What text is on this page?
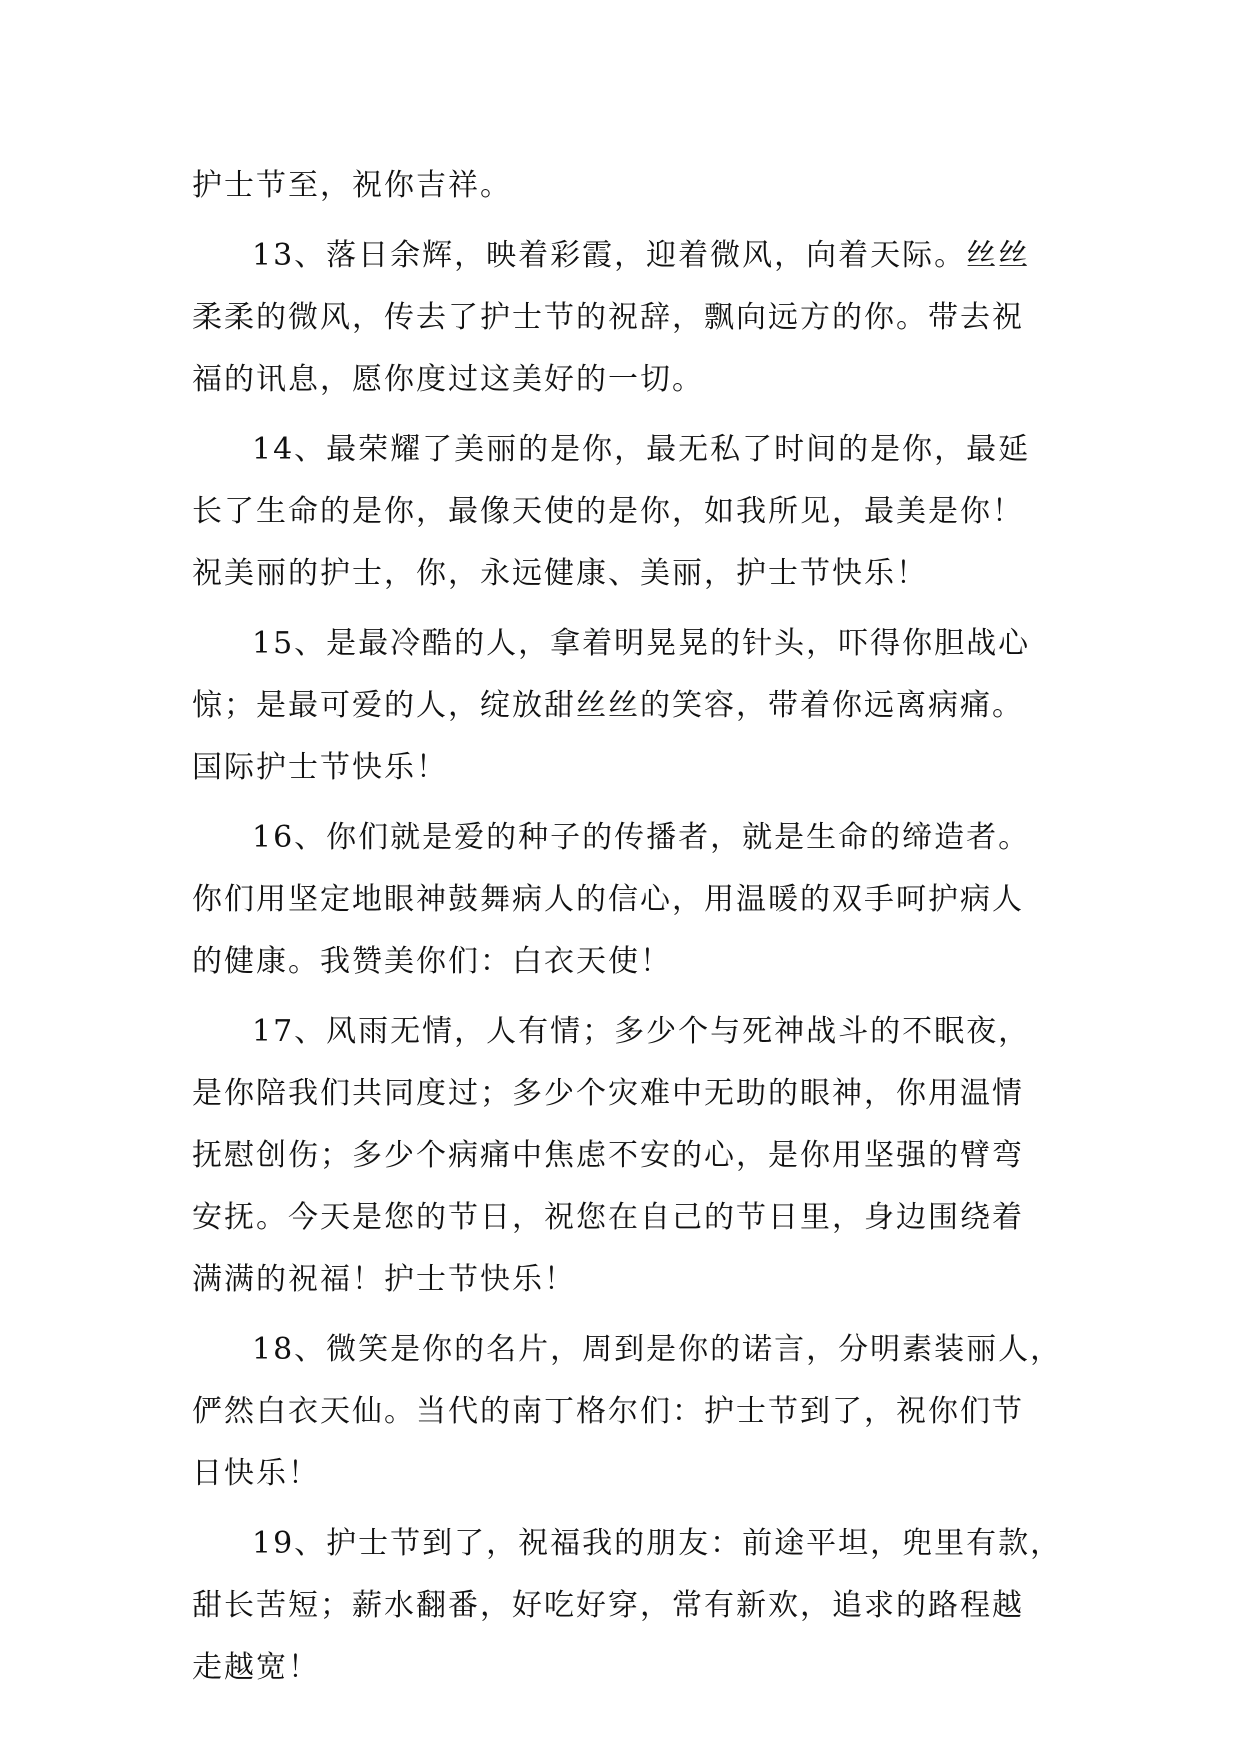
护士节至，祝你吉祥。
13、落日余辉，映着彩霞，迎着微风，向着天际。丝丝
柔柔的微风，传去了护士节的祝辞，飘向远方的你。带去祝
福的讯息，愿你度过这美好的一切。
14、最荣耀了美丽的是你，最无私了时间的是你，最延
长了生命的是你，最像天使的是你，如我所见，最美是你！
祝美丽的护士，你，永远健康、美丽，护士节快乐！
15、是最冷酷的人，拿着明晃晃的针头，吓得你胆战心
惊；是最可爱的人，绽放甜丝丝的笑容，带着你远离病痛。
国际护士节快乐！
16、你们就是爱的种子的传播者，就是生命的缔造者。
你们用坚定地眼神鼓舞病人的信心，用温暖的双手呵护病人
的健康。我赞美你们：白衣天使！
17、风雨无情，人有情；多少个与死神战斗的不眠夜，
是你陪我们共同度过；多少个灾难中无助的眼神，你用温情
抚慰创伤；多少个病痛中焦虑不安的心，是你用坚强的臂弯
安抚。今天是您的节日，祝您在自己的节日里，身边围绕着
满满的祝福！护士节快乐！
18、微笑是你的名片，周到是你的诺言，分明素装丽人，
俨然白衣天仙。当代的南丁格尔们：护士节到了，祝你们节
日快乐！
19、护士节到了，祝福我的朋友：前途平坦，兜里有款，
甜长苦短；薪水翻番，好吃好穿，常有新欢，追求的路程越
走越宽！
